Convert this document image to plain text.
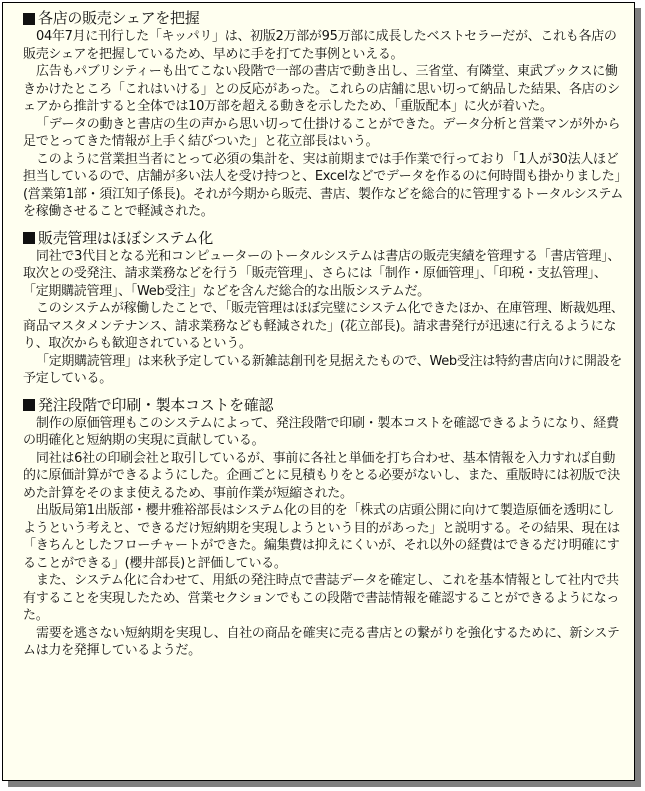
各店の販売シェアを把握

04年7月に刊行した「キッパリ」は、初版2万部が95万部に成長したベストセラーだが、これも各店の販売シェアを把握しているため、早めに手を打てた事例といえる。

広告もパブリシティーも出てこない段階で一部の書店で動き出し、三省堂、有隣堂、東武ブックスに働きかけたところ「これはいける」との反応があった。これらの店舗に思い切って納品した結果、各店のシェアから推計すると全体では10万部を超える動きを示したため、「重版配本」に火が着いた。

「データの動きと書店の生の声から思い切って仕掛けることができた。データ分析と営業マンが外から足でとってきた情報が上手く結びついた」と花立部長はいう。

このように営業担当者にとって必須の集計を、実は前期までは手作業で行っており「1人が30法人ほど担当しているので、店舗が多い法人を受け持つと、Excelなどでデータを作るのに何時間も掛かりました」(営業第1部・須江知子係長)。それが今期から販売、書店、製作などを総合的に管理するトータルシステムを稼働させることで軽減された。

販売管理はほぼシステム化

同社で3代目となる光和コンピューターのトータルシステムは書店の販売実績を管理する「書店管理」、取次との受発注、請求業務などを行う「販売管理」、さらには「制作・原価管理」、「印税・支払管理」、「定期購読管理」、「Web受注」などを含んだ総合的な出版システムだ。

このシステムが稼働したことで、「販売管理はほぼ完璧にシステム化できたほか、在庫管理、断裁処理、商品マスタメンテナンス、請求業務なども軽減された」(花立部長)。請求書発行が迅速に行えるようになり、取次からも歓迎されているという。

「定期購読管理」は来秋予定している新雑誌創刊を見据えたもので、Web受注は特約書店向けに開設を予定している。

発注段階で印刷・製本コストを確認

制作の原価管理もこのシステムによって、発注段階で印刷・製本コストを確認できるようになり、経費の明確化と短納期の実現に貢献している。

同社は6社の印刷会社と取引しているが、事前に各社と単価を打ち合わせ、基本情報を入力すれば自動的に原価計算ができるようにした。企画ごとに見積もりをとる必要がないし、また、重版時には初版で決めた計算をそのまま使えるため、事前作業が短縮された。

出版局第1出版部・櫻井雅裕部長はシステム化の目的を「株式の店頭公開に向けて製造原価を透明にしようという考えと、できるだけ短納期を実現しようという目的があった」と説明する。その結果、現在は「きちんとしたフローチャートができた。編集費は抑えにくいが、それ以外の経費はできるだけ明確にすることができる」(櫻井部長)と評価している。

また、システム化に合わせて、用紙の発注時点で書誌データを確定し、これを基本情報として社内で共有することを実現したため、営業セクションでもこの段階で書誌情報を確認することができるようになった。

需要を逃さない短納期を実現し、自社の商品を確実に売る書店との繋がりを強化するために、新システムは力を発揮しているようだ。
